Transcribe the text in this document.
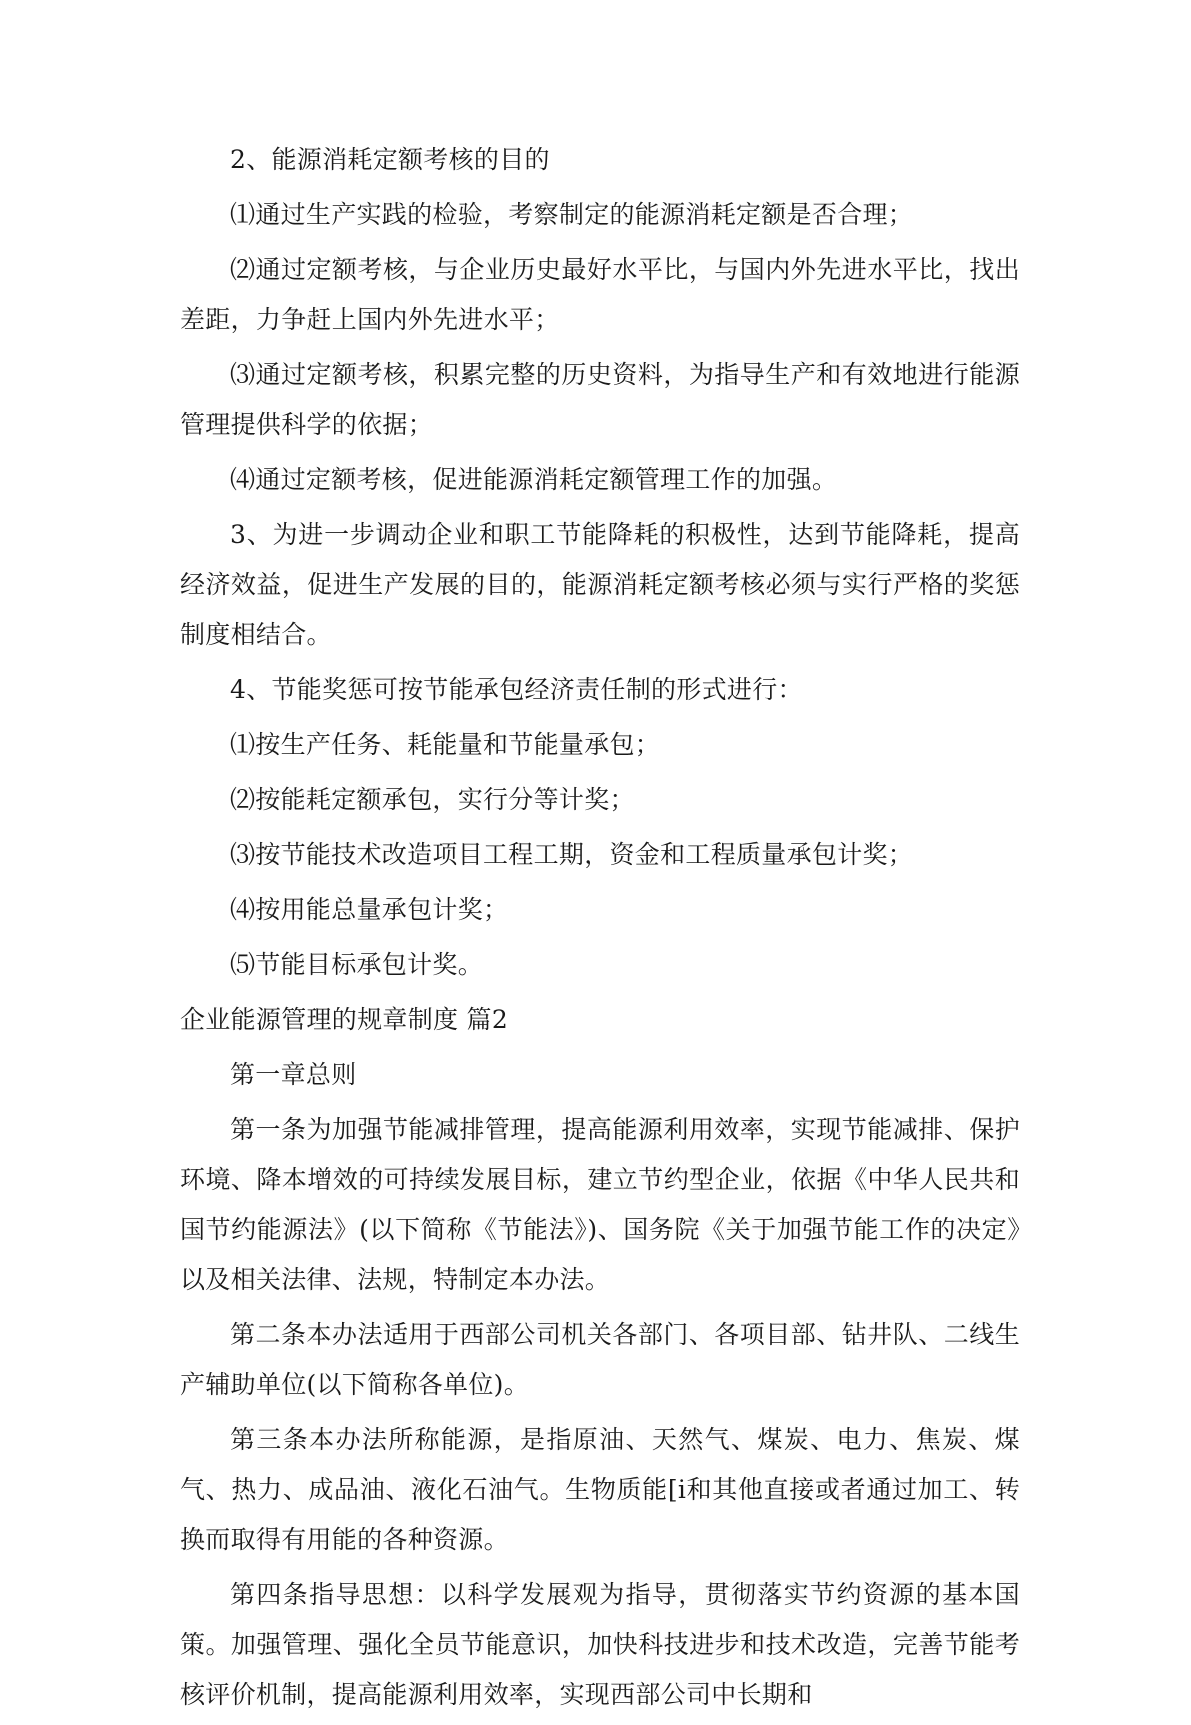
2、能源消耗定额考核的目的

⑴通过生产实践的检验，考察制定的能源消耗定额是否合理；

⑵通过定额考核，与企业历史最好水平比，与国内外先进水平比，找出差距，力争赶上国内外先进水平；

⑶通过定额考核，积累完整的历史资料，为指导生产和有效地进行能源管理提供科学的依据；

⑷通过定额考核，促进能源消耗定额管理工作的加强。

3、为进一步调动企业和职工节能降耗的积极性，达到节能降耗，提高经济效益，促进生产发展的目的，能源消耗定额考核必须与实行严格的奖惩制度相结合。

4、节能奖惩可按节能承包经济责任制的形式进行：

⑴按生产任务、耗能量和节能量承包；

⑵按能耗定额承包，实行分等计奖；

⑶按节能技术改造项目工程工期，资金和工程质量承包计奖；

⑷按用能总量承包计奖；

⑸节能目标承包计奖。

企业能源管理的规章制度 篇2

第一章总则

第一条为加强节能减排管理，提高能源利用效率，实现节能减排、保护环境、降本增效的可持续发展目标，建立节约型企业，依据《中华人民共和国节约能源法》(以下简称《节能法》)、国务院《关于加强节能工作的决定》以及相关法律、法规，特制定本办法。

第二条本办法适用于西部公司机关各部门、各项目部、钻井队、二线生产辅助单位(以下简称各单位)。

第三条本办法所称能源，是指原油、天然气、煤炭、电力、焦炭、煤气、热力、成品油、液化石油气。生物质能[i和其他直接或者通过加工、转换而取得有用能的各种资源。

第四条指导思想：以科学发展观为指导，贯彻落实节约资源的基本国策。加强管理、强化全员节能意识，加快科技进步和技术改造，完善节能考核评价机制，提高能源利用效率，实现西部公司中长期和
